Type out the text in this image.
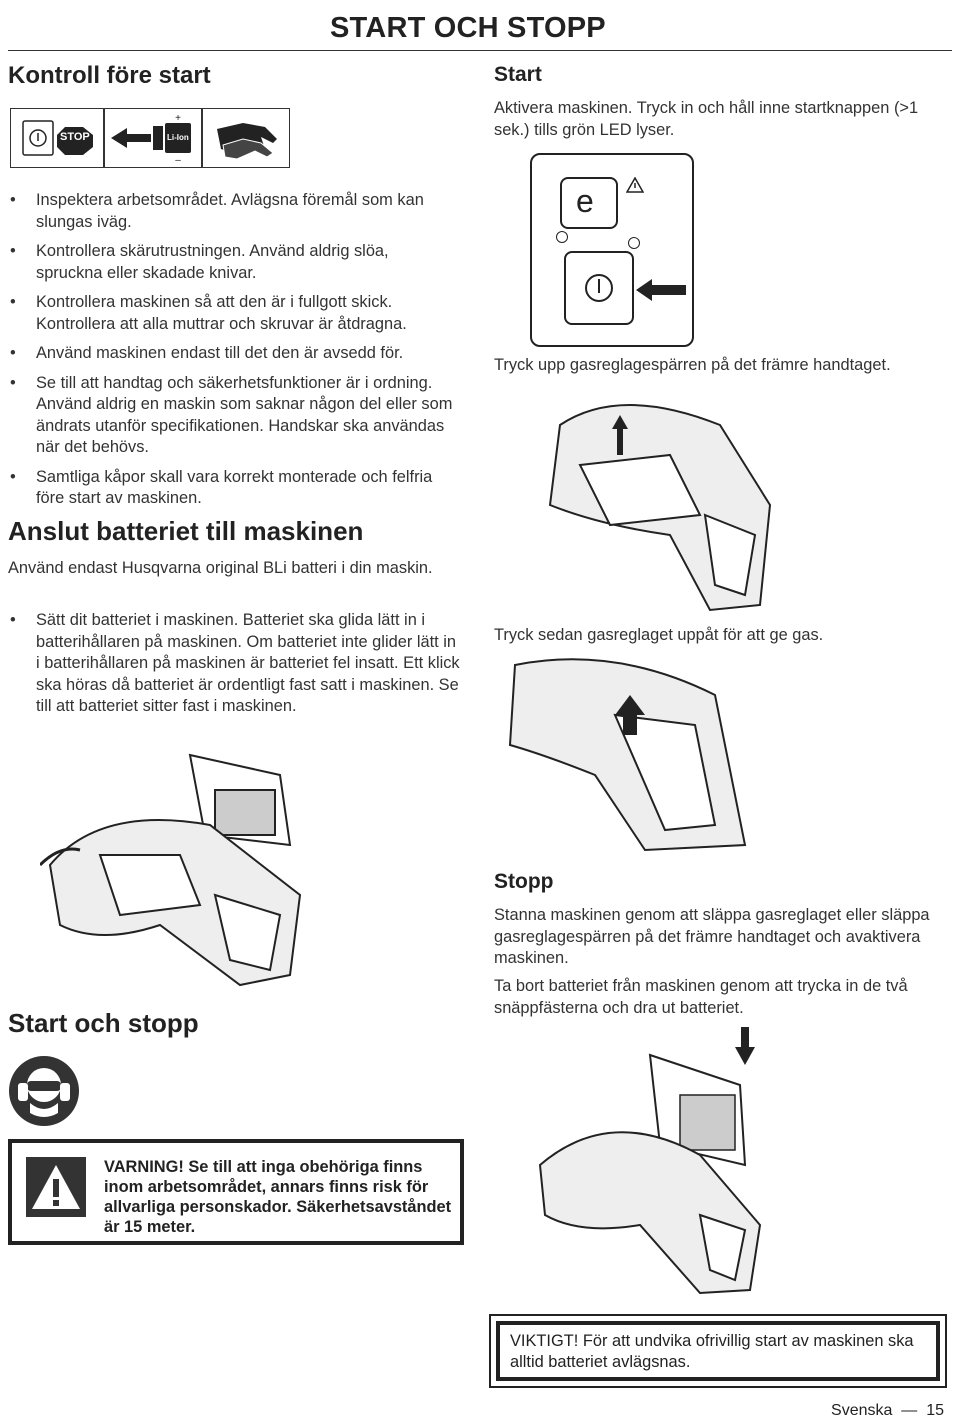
START OCH STOPP
Kontroll före start
STOP
+
–
Li-Ion
• Inspektera arbetsområdet. Avlägsna föremål som kan slungas iväg.
• Kontrollera skärutrustningen. Använd aldrig slöa, spruckna eller skadade knivar.
• Kontrollera maskinen så att den är i fullgott skick. Kontrollera att alla muttrar och skruvar är åtdragna.
• Använd maskinen endast till det den är avsedd för.
• Se till att handtag och säkerhetsfunktioner är i ordning. Använd aldrig en maskin som saknar någon del eller som ändrats utanför specifikationen. Handskar ska användas när det behövs.
• Samtliga kåpor skall vara korrekt monterade och felfria före start av maskinen.
Anslut batteriet till maskinen

Använd endast Husqvarna original BLi batteri i din maskin.

• Sätt dit batteriet i maskinen. Batteriet ska glida lätt in i batterihållaren på maskinen. Om batteriet inte glider lätt in i batterihållaren på maskinen är batteriet fel insatt. Ett klick ska höras då batteriet är ordentligt fast satt i maskinen. Se till att batteriet sitter fast i maskinen.
Start och stopp
VARNING! Se till att inga obehöriga finns inom arbetsområdet, annars finns risk för allvarliga personskador. Säkerhetsavståndet är 15 meter.
Start

Aktivera maskinen. Tryck in och håll inne startknappen (>1 sek.) tills grön LED lyser.

e

Tryck upp gasreglagespärren på det främre handtaget.

Tryck sedan gasreglaget uppåt för att ge gas.

Stopp

Stanna maskinen genom att släppa gasreglaget eller släppa gasreglagespärren på det främre handtaget och avaktivera maskinen.

Ta bort batteriet från maskinen genom att trycka in de två snäppfästerna och dra ut batteriet.

VIKTIGT! För att undvika ofrivillig start av maskinen ska alltid batteriet avlägsnas.
Svenska  —  15
